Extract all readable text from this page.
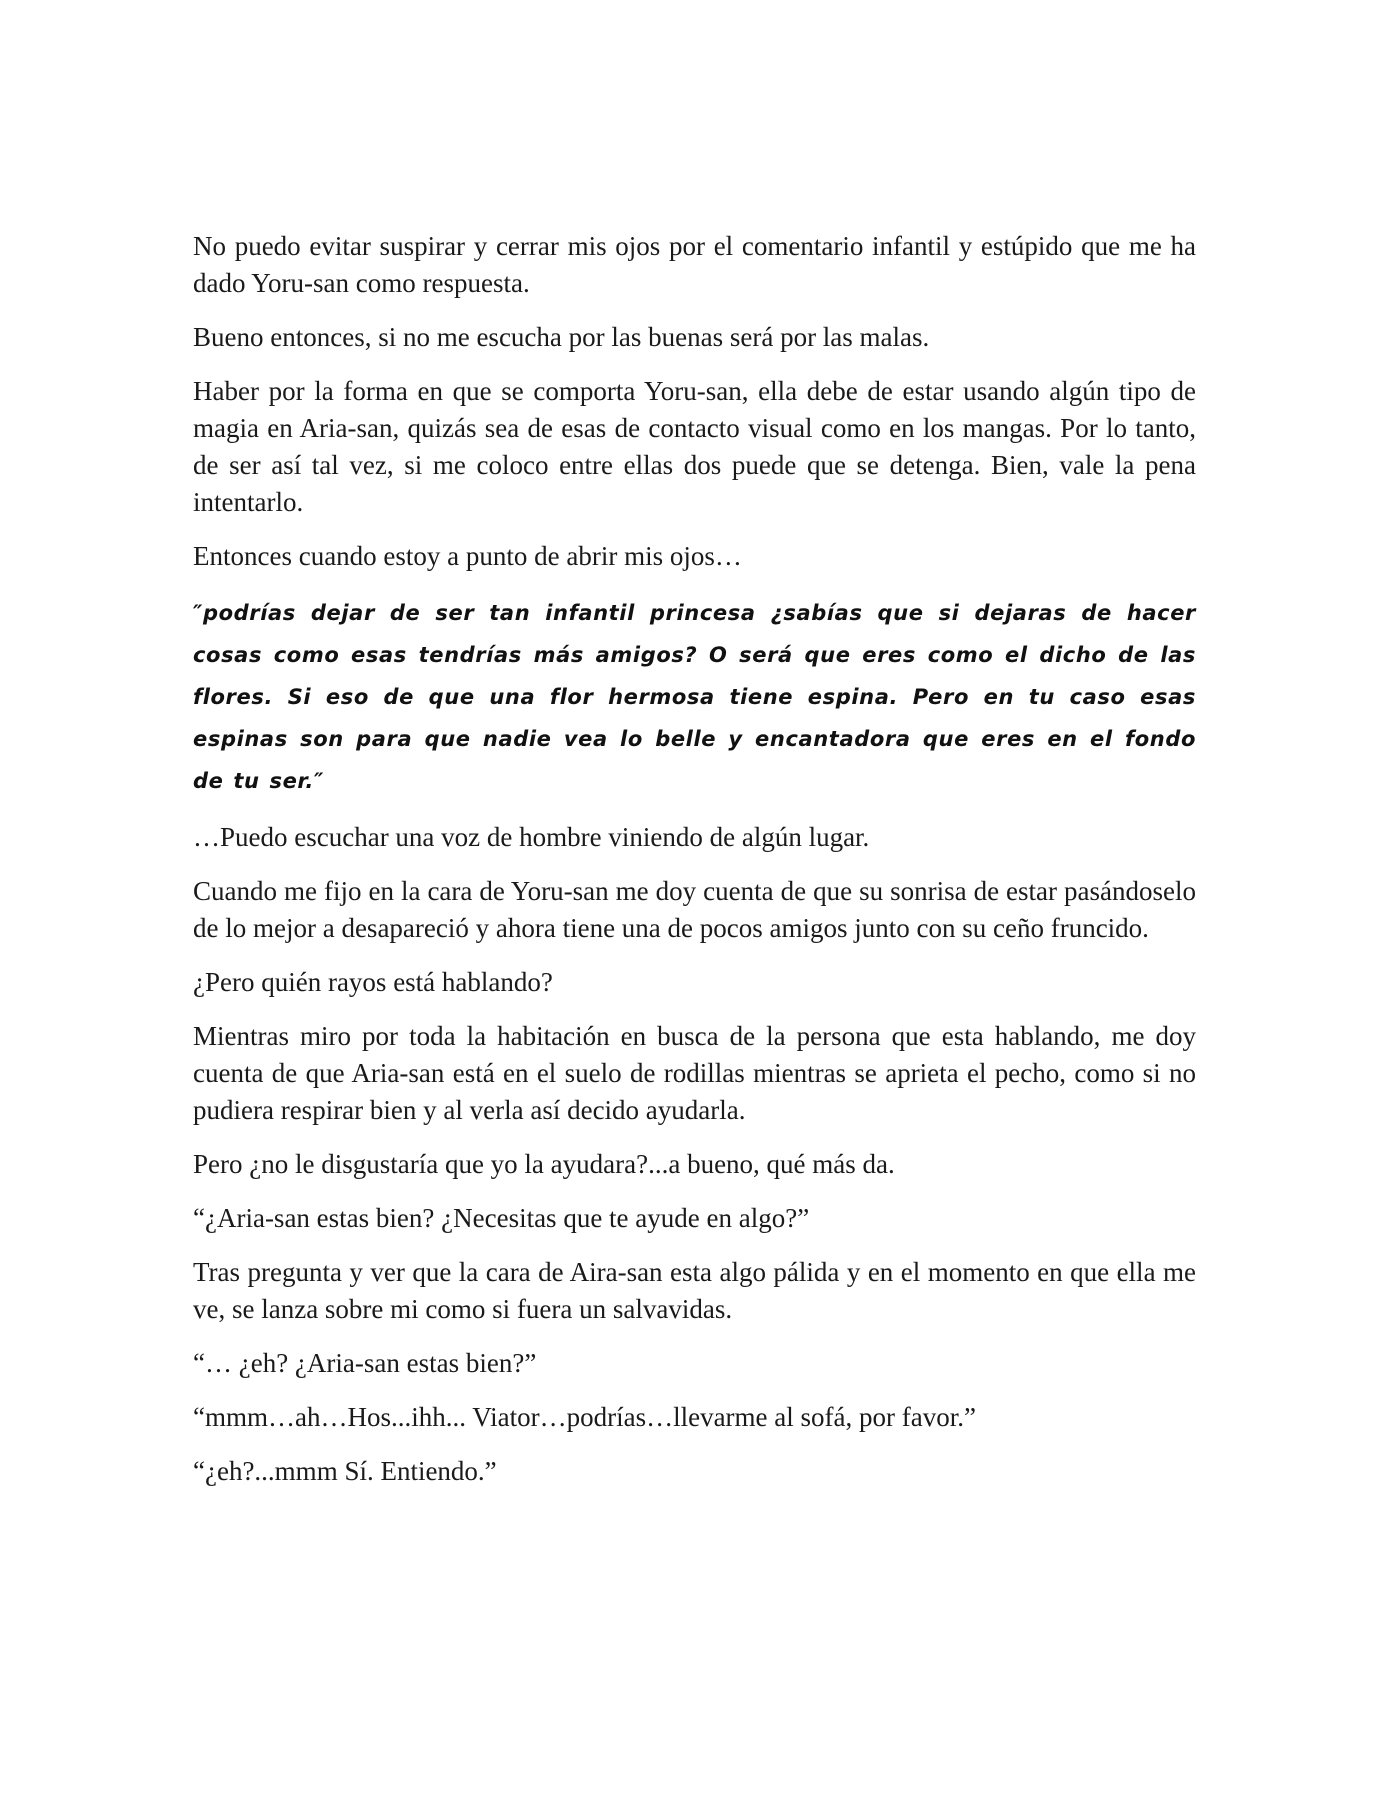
No puedo evitar suspirar y cerrar mis ojos por el comentario infantil y estúpido que me ha dado Yoru-san como respuesta.

Bueno entonces, si no me escucha por las buenas será por las malas.

Haber por la forma en que se comporta Yoru-san, ella debe de estar usando algún tipo de magia en Aria-san, quizás sea de esas de contacto visual como en los mangas. Por lo tanto, de ser así tal vez, si me coloco entre ellas dos puede que se detenga. Bien, vale la pena intentarlo.

Entonces cuando estoy a punto de abrir mis ojos…

″podrías dejar de ser tan infantil princesa ¿sabías que si dejaras de hacer cosas como esas tendrías más amigos? O será que eres como el dicho de las flores. Si eso de que una flor hermosa tiene espina. Pero en tu caso esas espinas son para que nadie vea lo belle y encantadora que eres en el fondo de tu ser.″

…Puedo escuchar una voz de hombre viniendo de algún lugar.

Cuando me fijo en la cara de Yoru-san me doy cuenta de que su sonrisa de estar pasándoselo de lo mejor a desapareció y ahora tiene una de pocos amigos junto con su ceño fruncido.

¿Pero quién rayos está hablando?

Mientras miro por toda la habitación en busca de la persona que esta hablando, me doy cuenta de que Aria-san está en el suelo de rodillas mientras se aprieta el pecho, como si no pudiera respirar bien y al verla así decido ayudarla.

Pero ¿no le disgustaría que yo la ayudara?...a bueno, qué más da.

“¿Aria-san estas bien? ¿Necesitas que te ayude en algo?”

Tras pregunta y ver que la cara de Aira-san esta algo pálida y en el momento en que ella me ve, se lanza sobre mi como si fuera un salvavidas.

“… ¿eh? ¿Aria-san estas bien?”

“mmm…ah…Hos...ihh... Viator…podrías…llevarme al sofá, por favor.”

“¿eh?...mmm Sí. Entiendo.”
